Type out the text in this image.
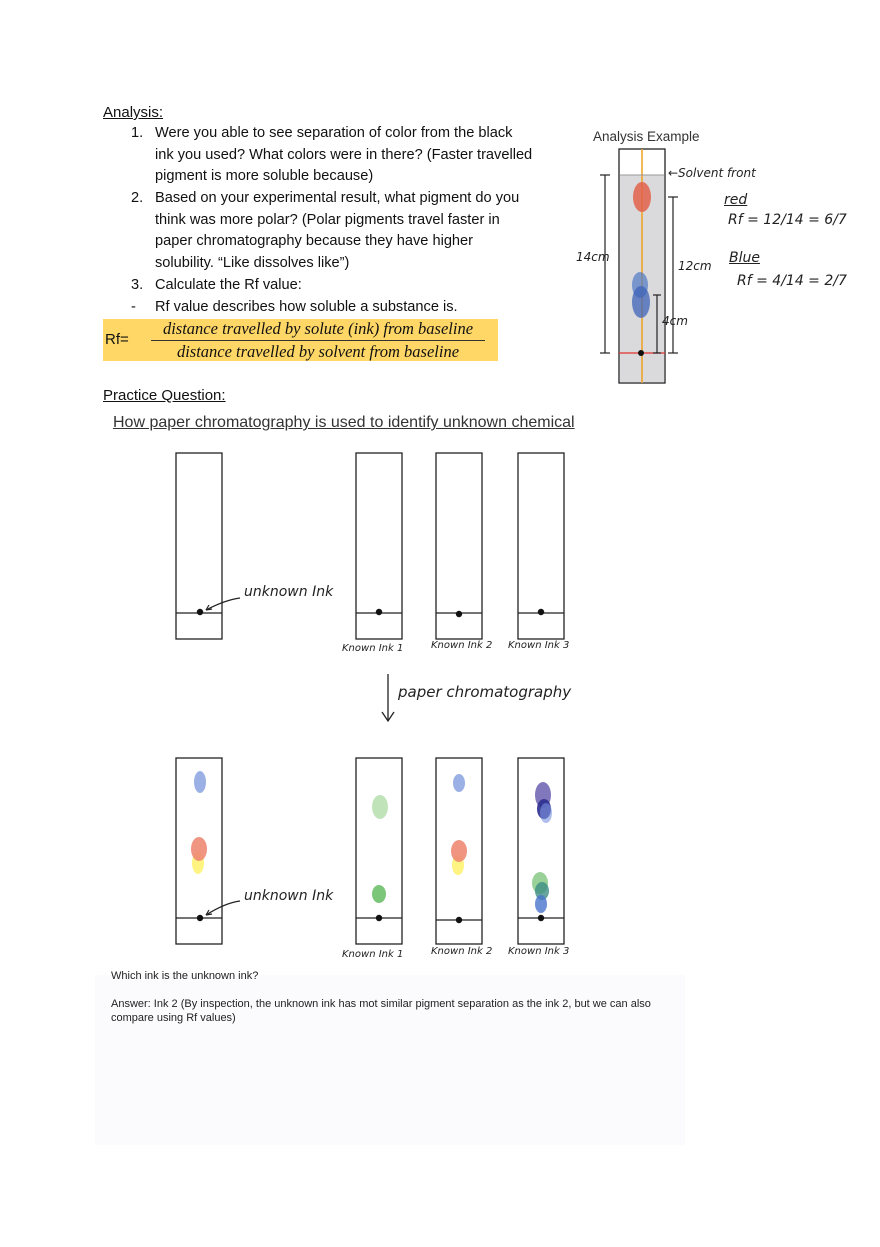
Analysis:
1. Were you able to see separation of color from the black ink you used? What colors were in there? (Faster travelled pigment is more soluble because)
2. Based on your experimental result, what pigment do you think was more polar? (Polar pigments travel faster in paper chromatography because they have higher solubility. “Like dissolves like”)
3. Calculate the Rf value:
- Rf value describes how soluble a substance is.
Rf=
distance travelled by solute (ink) from baseline
distance travelled by solvent from baseline
Analysis Example
←Solvent front
14cm
12cm
4cm
red
Rf = 12/14 = 6/7
Blue
Rf = 4/14 = 2/7
Practice Question:
How paper chromatography is used to identify unknown chemical
unknown Ink
Known Ink 1	Known Ink 2 Known Ink 3
paper chromatography
unknown Ink
Known Ink 1	Known Ink 2 Known Ink 3
Which ink is the unknown ink?
Answer: Ink 2 (By inspection, the unknown ink has mot similar pigment separation as the ink 2, but we can also compare using Rf values)
